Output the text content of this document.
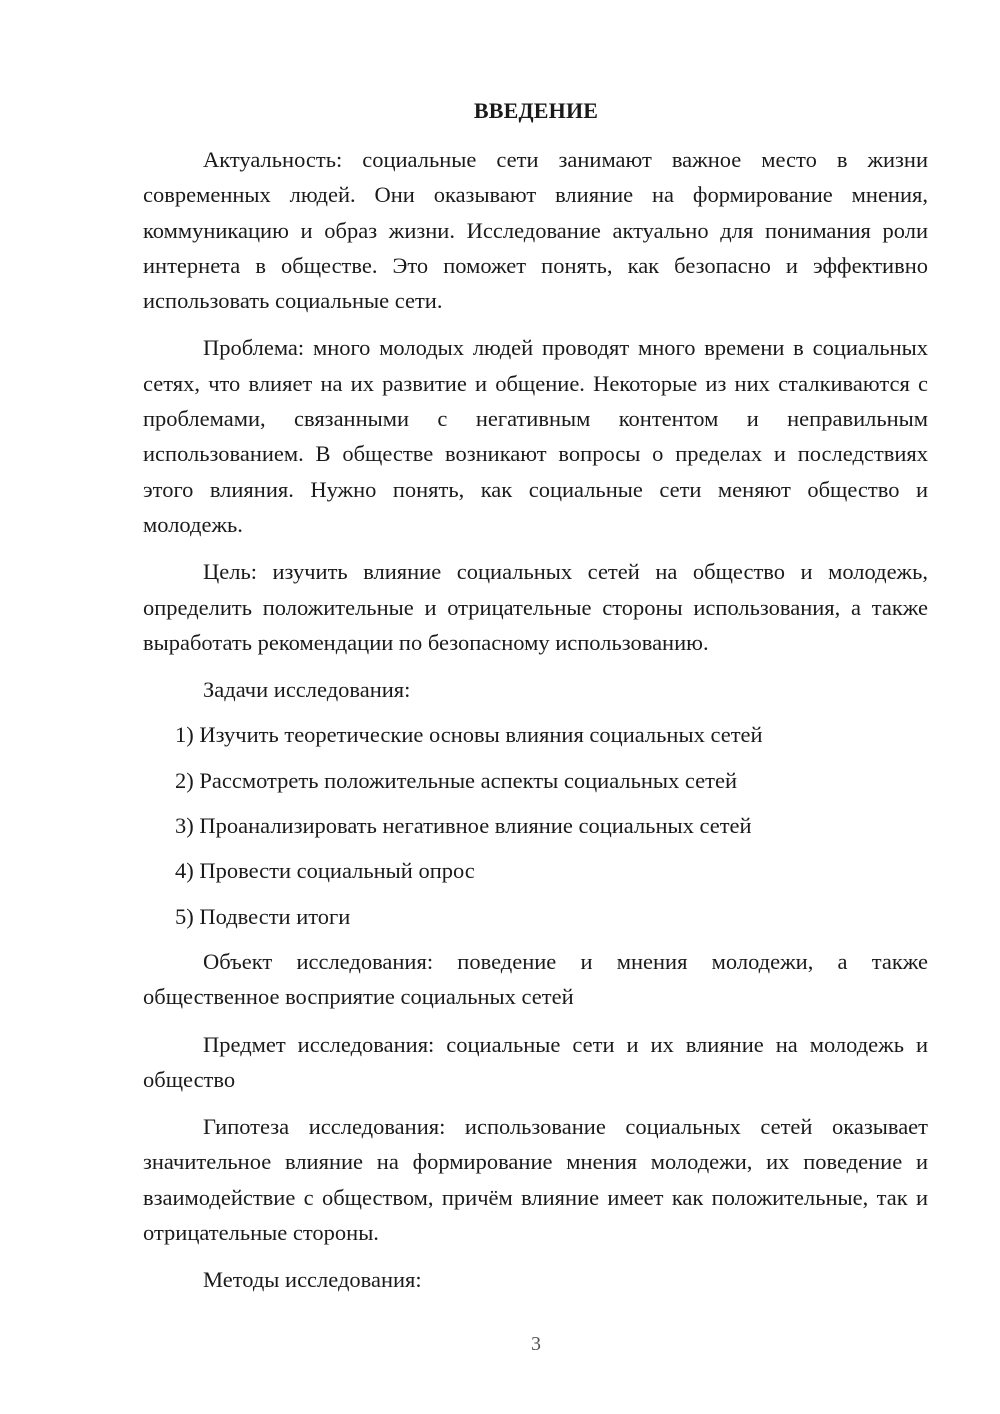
ВВЕДЕНИЕ

Актуальность: социальные сети занимают важное место в жизни современных людей. Они оказывают влияние на формирование мнения, коммуникацию и образ жизни. Исследование актуально для понимания роли интернета в обществе. Это поможет понять, как безопасно и эффективно использовать социальные сети.

Проблема: много молодых людей проводят много времени в социальных сетях, что влияет на их развитие и общение. Некоторые из них сталкиваются с проблемами, связанными с негативным контентом и неправильным использованием. В обществе возникают вопросы о пределах и последствиях этого влияния. Нужно понять, как социальные сети меняют общество и молодежь.

Цель: изучить влияние социальных сетей на общество и молодежь, определить положительные и отрицательные стороны использования, а также выработать рекомендации по безопасному использованию.

Задачи исследования:

1) Изучить теоретические основы влияния социальных сетей
2) Рассмотреть положительные аспекты социальных сетей
3) Проанализировать негативное влияние социальных сетей
4) Провести социальный опрос
5) Подвести итоги

Объект исследования: поведение и мнения молодежи, а также общественное восприятие социальных сетей

Предмет исследования: социальные сети и их влияние на молодежь и общество

Гипотеза исследования: использование социальных сетей оказывает значительное влияние на формирование мнения молодежи, их поведение и взаимодействие с обществом, причём влияние имеет как положительные, так и отрицательные стороны.

Методы исследования:

3
